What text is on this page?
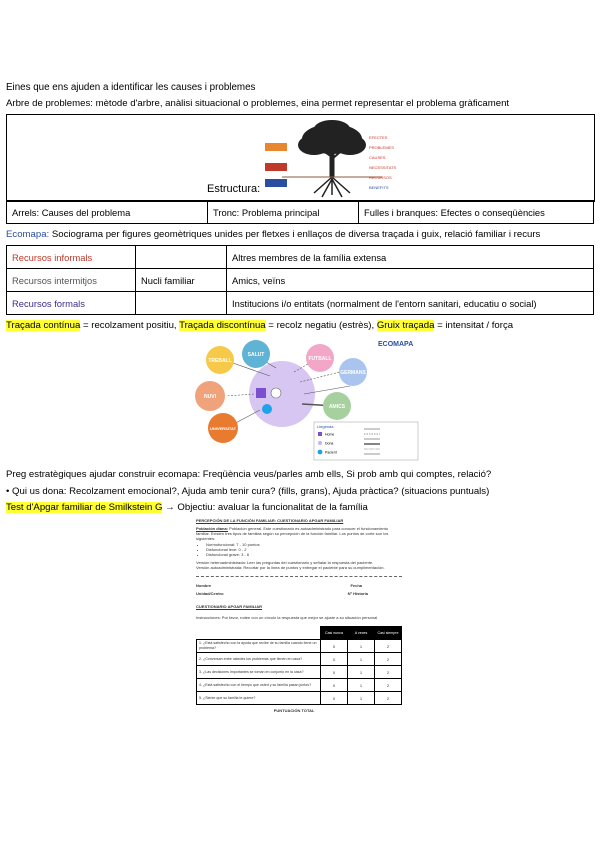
Eines que ens ajuden a identificar les causes i problemes
Arbre de problemes: mètode d'arbre, anàlisi situacional o problemes, eina permet representar el problema gràficament
Estructura:
EFECTES
PROBLEMES
CAUSES
NECESSITATS
RECURSOS
BENEFITS
Arrels: Causes del problema	Tronc: Problema principal	Fulles i branques: Efectes o conseqüències
Ecomapa: Sociograma per figures geomètriques unides per fletxes i enllaços de diversa traçada i guix, relació familiar i recurs
Recursos informals		Altres membres de la família extensa
Recursos intermitjos	Nucli familiar	Amics, veïns
Recursos formals		Institucions i/o entitats (normalment de l'entorn sanitari, educatiu o social)
Traçada contínua = recolzament positiu, Traçada discontínua = recolz negatiu (estrès), Gruix traçada = intensitat / força
ECOMAPA
TREBALL
SALUT
FUTBALL
GERMANS
AMICS
UNIVERSITAT
NUVI
Llegenda
Home
Dona
Pacient
Preg estratègiques ajudar construir ecomapa: Freqüència veus/parles amb ells, Si prob amb qui comptes, relació?
• Qui us dona: Recolzament emocional?, Ajuda amb tenir cura? (fills, grans), Ajuda pràctica? (situacions puntuals)
Test d'Apgar familiar de Smilkstein G → Objectiu: avaluar la funcionalitat de la família
PERCEPCIÓN DE LA FUNCIÓN FAMILIAR: CUESTIONARIO APGAR FAMILIAR
Población diana: Población general. Este cuestionario es autoadministrado para conocer el funcionamiento familiar. Existen tres tipos de familias según su percepción de la función familiar. Los puntos de corte son los siguientes:
• Normofuncional: 7 - 10 puntos
• Disfuncional leve: 0 - 2
• Disfuncional grave: 3 - 6
Versión heteroadministrada: Leer las preguntas del cuestionario y señalar la respuesta del paciente.
Versión autoadministrada: Recortar por la línea de puntos y entregar el paciente para su cumplimentación.
Nombre	Fecha
Unidad/Centro	Nº Historia
CUESTIONARIO APGAR FAMILIAR
Instrucciones: Por favor, rodee con un círculo la respuesta que mejor se ajuste a su situación personal
	Casi nunca	A veces	Casi siempre
1. ¿Está satisfecho con la ayuda que recibe de su familia cuando tiene un problema?	0	1	2
2. ¿Conversan entre ustedes los problemas que tienen en casa?	0	1	2
3. ¿Las decisiones importantes se toman en conjunto en la casa?	0	1	2
4. ¿Está satisfecho con el tiempo que usted y su familia pasan juntos?	0	1	2
5. ¿Siente que su familia le quiere?	0	1	2
PUNTUACIÓN TOTAL			
